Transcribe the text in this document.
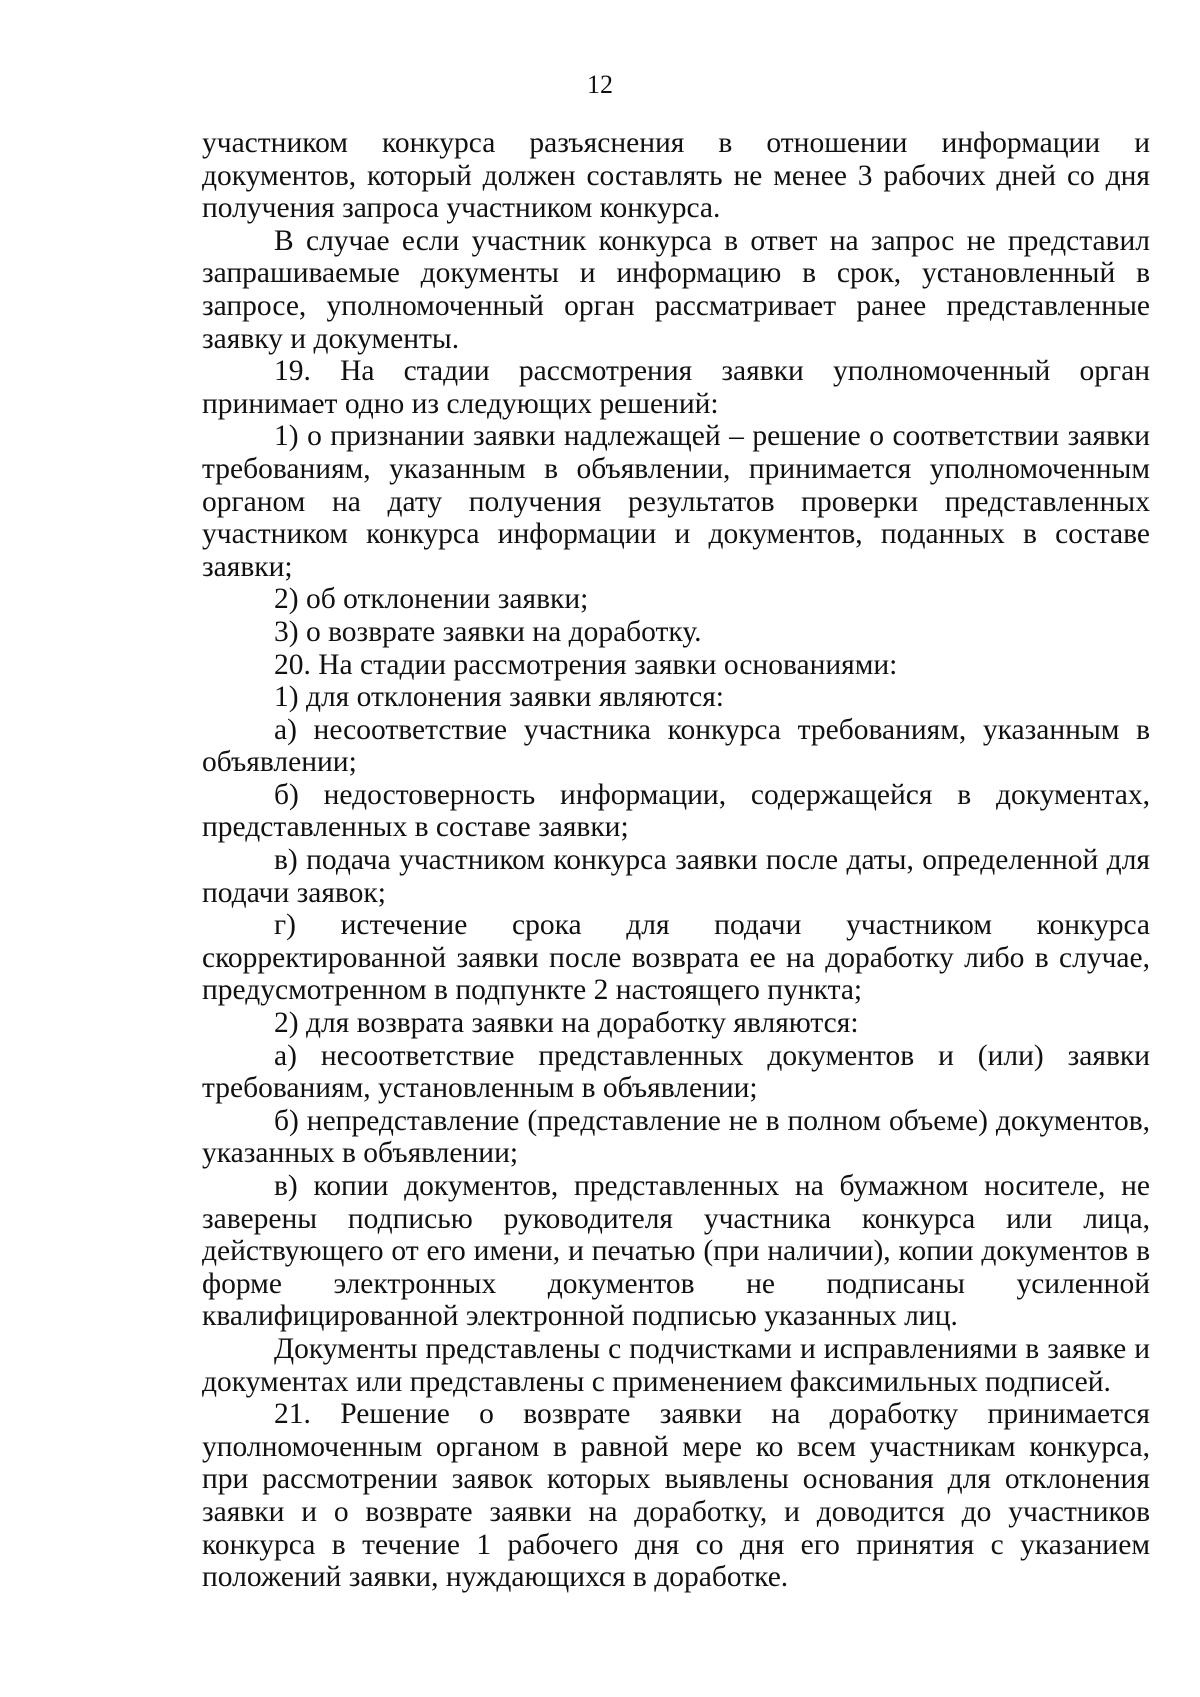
12

участником конкурса разъяснения в отношении информации и документов, который должен составлять не менее 3 рабочих дней со дня получения запроса участником конкурса.

В случае если участник конкурса в ответ на запрос не представил запрашиваемые документы и информацию в срок, установленный в запросе, уполномоченный орган рассматривает ранее представленные заявку и документы.

19. На стадии рассмотрения заявки уполномоченный орган принимает одно из следующих решений:

1) о признании заявки надлежащей – решение о соответствии заявки требованиям, указанным в объявлении, принимается уполномоченным органом на дату получения результатов проверки представленных участником конкурса информации и документов, поданных в составе заявки;

2) об отклонении заявки;

3) о возврате заявки на доработку.

20. На стадии рассмотрения заявки основаниями:

1) для отклонения заявки являются:

а) несоответствие участника конкурса требованиям, указанным в объявлении;

б) недостоверность информации, содержащейся в документах, представленных в составе заявки;

в) подача участником конкурса заявки после даты, определенной для подачи заявок;

г) истечение срока для подачи участником конкурса скорректированной заявки после возврата ее на доработку либо в случае, предусмотренном в подпункте 2 настоящего пункта;

2) для возврата заявки на доработку являются:

а) несоответствие представленных документов и (или) заявки требованиям, установленным в объявлении;

б) непредставление (представление не в полном объеме) документов, указанных в объявлении;

в) копии документов, представленных на бумажном носителе, не заверены подписью руководителя участника конкурса или лица, действующего от его имени, и печатью (при наличии), копии документов в форме электронных документов не подписаны усиленной квалифицированной электронной подписью указанных лиц.

Документы представлены с подчистками и исправлениями в заявке и документах или представлены с применением факсимильных подписей.

21. Решение о возврате заявки на доработку принимается уполномоченным органом в равной мере ко всем участникам конкурса, при рассмотрении заявок которых выявлены основания для отклонения заявки и о возврате заявки на доработку, и доводится до участников конкурса в течение 1 рабочего дня со дня его принятия с указанием положений заявки, нуждающихся в доработке.
